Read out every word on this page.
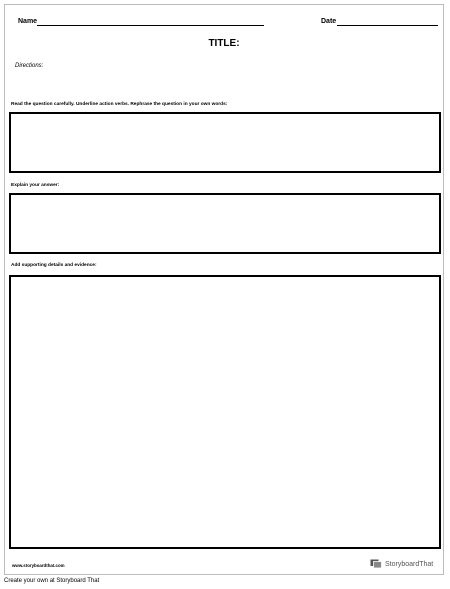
Name	Date
TITLE:
Directions:
Read the question carefully. Underline action verbs. Rephrase the question in your own words:
Explain your answer:
Add supporting details and evidence:
www.storyboardthat.com	StoryboardThat
Create your own at Storyboard That
